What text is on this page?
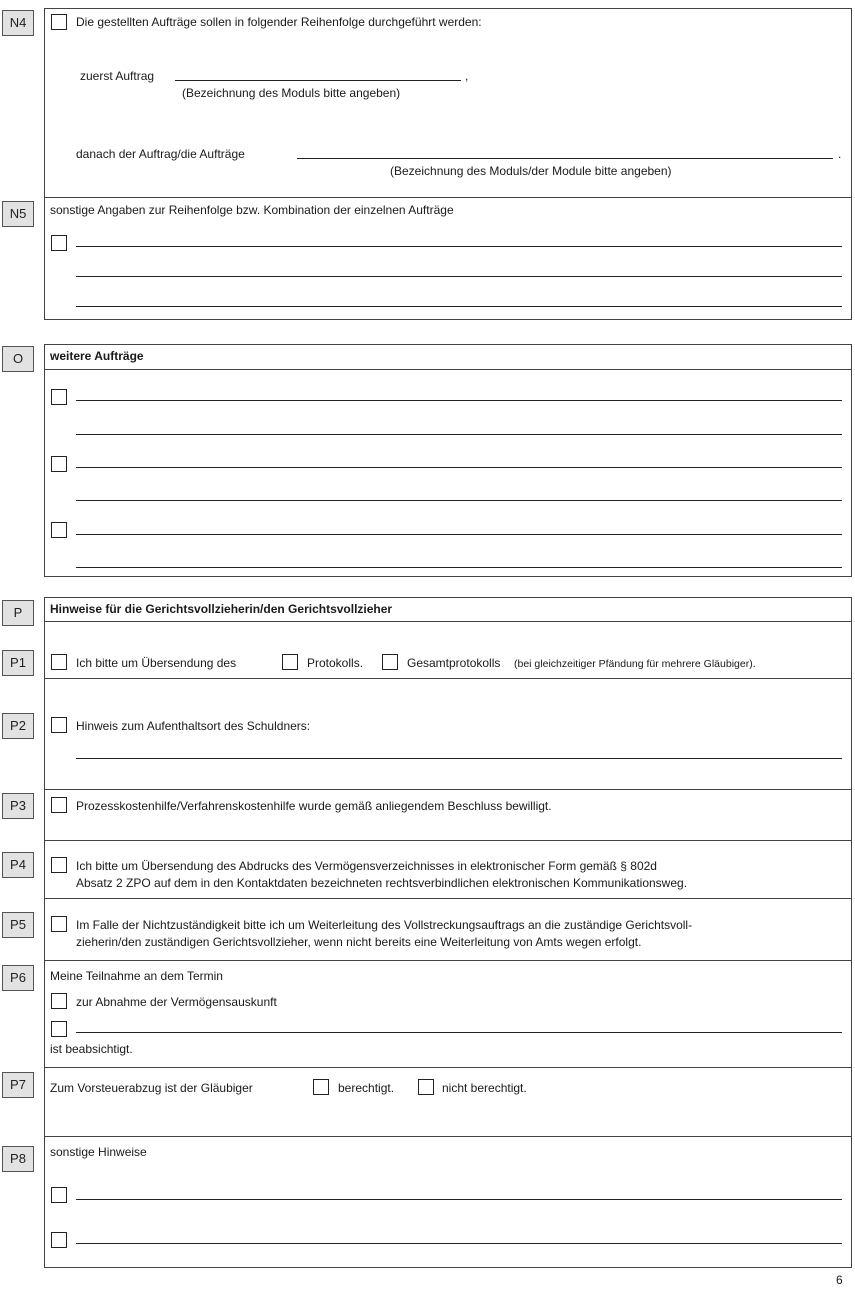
N4	Die gestellten Aufträge sollen in folgender Reihenfolge durchgeführt werden:
zuerst Auftrag	,
(Bezeichnung des Moduls bitte angeben)
danach der Auftrag/die Aufträge	.
(Bezeichnung des Moduls/der Module bitte angeben)
N5	sonstige Angaben zur Reihenfolge bzw. Kombination der einzelnen Aufträge
O	weitere Aufträge
P	Hinweise für die Gerichtsvollzieherin/den Gerichtsvollzieher
P1	Ich bitte um Übersendung des	Protokolls.	Gesamtprotokolls (bei gleichzeitiger Pfändung für mehrere Gläubiger).
P2	Hinweis zum Aufenthaltsort des Schuldners:
P3	Prozesskostenhilfe/Verfahrenskostenhilfe wurde gemäß anliegendem Beschluss bewilligt.
P4	Ich bitte um Übersendung des Abdrucks des Vermögensverzeichnisses in elektronischer Form gemäß § 802d
Absatz 2 ZPO auf dem in den Kontaktdaten bezeichneten rechtsverbindlichen elektronischen Kommunikationsweg.
P5	Im Falle der Nichtzuständigkeit bitte ich um Weiterleitung des Vollstreckungsauftrags an die zuständige Gerichtsvoll-
zieherin/den zuständigen Gerichtsvollzieher, wenn nicht bereits eine Weiterleitung von Amts wegen erfolgt.
P6	Meine Teilnahme an dem Termin
zur Abnahme der Vermögensauskunft
ist beabsichtigt.
P7	Zum Vorsteuerabzug ist der Gläubiger	berechtigt.	nicht berechtigt.
P8	sonstige Hinweise
6
